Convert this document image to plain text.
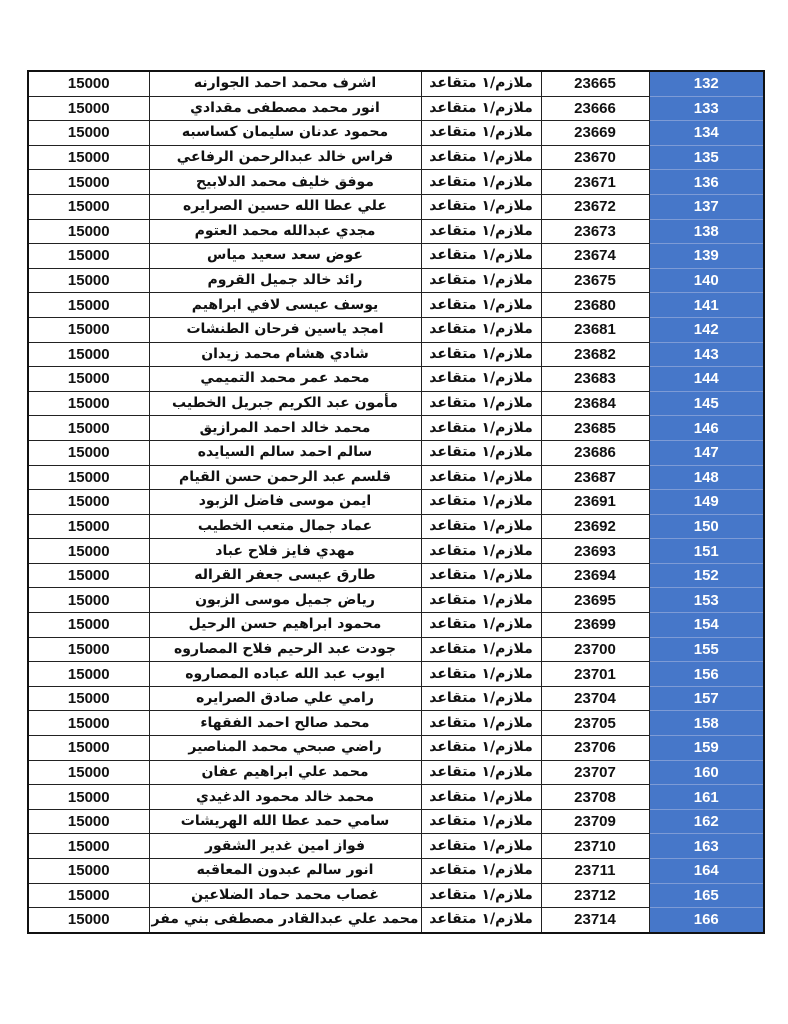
15000	اشرف محمد احمد الجوارنه	ملازم/١ متقاعد	23665	132

15000	انور محمد مصطفى مقدادي	ملازم/١ متقاعد	23666	133

15000	محمود عدنان سليمان كساسبه	ملازم/١ متقاعد	23669	134

15000	فراس خالد عبدالرحمن الرفاعي	ملازم/١ متقاعد	23670	135

15000	موفق خليف محمد الدلابيح	ملازم/١ متقاعد	23671	136

15000	علي عطا الله حسين الصرايره	ملازم/١ متقاعد	23672	137

15000	مجدي عبدالله محمد العتوم	ملازم/١ متقاعد	23673	138

15000	عوض سعد سعيد مياس	ملازم/١ متقاعد	23674	139

15000	رائد خالد جميل القروم	ملازم/١ متقاعد	23675	140

15000	يوسف عيسى لافي ابراهيم	ملازم/١ متقاعد	23680	141

15000	امجد ياسين فرحان الطنشات	ملازم/١ متقاعد	23681	142

15000	شادي هشام محمد زيدان	ملازم/١ متقاعد	23682	143

15000	محمد عمر محمد التميمي	ملازم/١ متقاعد	23683	144

15000	مأمون عبد الكريم جبريل الخطيب	ملازم/١ متقاعد	23684	145

15000	محمد خالد احمد المرازيق	ملازم/١ متقاعد	23685	146

15000	سالم احمد سالم السيايده	ملازم/١ متقاعد	23686	147

15000	قلسم عبد الرحمن حسن القيام	ملازم/١ متقاعد	23687	148

15000	ايمن موسى فاضل الزبود	ملازم/١ متقاعد	23691	149

15000	عماد جمال متعب الخطيب	ملازم/١ متقاعد	23692	150

15000	مهدي فايز فلاح عباد	ملازم/١ متقاعد	23693	151

15000	طارق عيسى جعفر القراله	ملازم/١ متقاعد	23694	152

15000	رياض جميل موسى الزبون	ملازم/١ متقاعد	23695	153

15000	محمود ابراهيم حسن الرحيل	ملازم/١ متقاعد	23699	154

15000	جودت عبد الرحيم فلاح المصاروه	ملازم/١ متقاعد	23700	155

15000	ايوب عبد الله عباده المصاروه	ملازم/١ متقاعد	23701	156

15000	رامي علي صادق الصرايره	ملازم/١ متقاعد	23704	157

15000	محمد صالح احمد الفقهاء	ملازم/١ متقاعد	23705	158

15000	راضي صبحي محمد المناصير	ملازم/١ متقاعد	23706	159

15000	محمد علي ابراهيم عفان	ملازم/١ متقاعد	23707	160

15000	محمد خالد محمود الدغيدي	ملازم/١ متقاعد	23708	161

15000	سامي حمد عطا الله الهريشات	ملازم/١ متقاعد	23709	162

15000	فواز امين غدير الشقور	ملازم/١ متقاعد	23710	163

15000	انور سالم عبدون المعاقبه	ملازم/١ متقاعد	23711	164

15000	غصاب محمد حماد الضلاعين	ملازم/١ متقاعد	23712	165

15000	محمد علي عبدالقادر مصطفى بني مفر	ملازم/١ متقاعد	23714	166
